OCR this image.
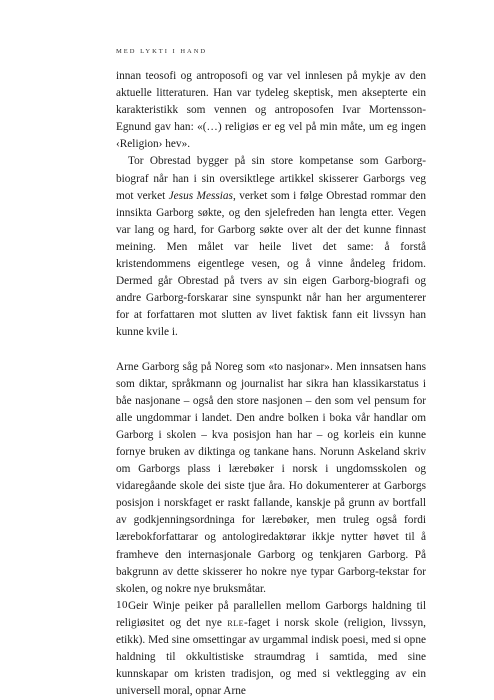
MED LYKTI I HAND

innan teosofi og antroposofi og var vel innlesen på mykje av den aktuelle litteraturen. Han var tydeleg skeptisk, men aksepterte ein karakteristikk som vennen og antroposofen Ivar Mortensson-Egnund gav han: «(…) religiøs er eg vel på min måte, um eg ingen ‹Religion› hev».

Tor Obrestad bygger på sin store kompetanse som Garborg-biograf når han i sin oversiktlege artikkel skisserer Garborgs veg mot verket Jesus Messias, verket som i følge Obrestad rommar den innsikta Garborg søkte, og den sjelefreden han lengta etter. Vegen var lang og hard, for Garborg søkte over alt der det kunne finnast meining. Men målet var heile livet det same: å forstå kristendommens eigentlege vesen, og å vinne åndeleg fridom. Dermed går Obrestad på tvers av sin eigen Garborg-biografi og andre Garborg-forskarar sine synspunkt når han her argumenterer for at forfattaren mot slutten av livet faktisk fann eit livssyn han kunne kvile i.

Arne Garborg såg på Noreg som «to nasjonar». Men innsatsen hans som diktar, språkmann og journalist har sikra han klassikarstatus i båe nasjonane – også den store nasjonen – den som vel pensum for alle ungdommar i landet. Den andre bolken i boka vår handlar om Garborg i skolen – kva posisjon han har – og korleis ein kunne fornye bruken av diktinga og tankane hans. Norunn Askeland skriv om Garborgs plass i lærebøker i norsk i ungdomsskolen og vidaregåande skole dei siste tjue åra. Ho dokumenterer at Garborgs posisjon i norskfaget er raskt fallande, kanskje på grunn av bortfall av godkjenningsordninga for lærebøker, men truleg også fordi lærebokforfattarar og antologiredaktørar ikkje nytter høvet til å framheve den internasjonale Garborg og tenkjaren Garborg. På bakgrunn av dette skisserer ho nokre nye typar Garborg-tekstar for skolen, og nokre nye bruksmåtar.

Geir Winje peiker på parallellen mellom Garborgs haldning til religiøsitet og det nye rle-faget i norsk skole (religion, livssyn, etikk). Med sine omsettingar av urgammal indisk poesi, med si opne haldning til okkultistiske straumdrag i samtida, med sine kunnskapar om kristen tradisjon, og med si vektlegging av ein universell moral, opnar Arne

10
